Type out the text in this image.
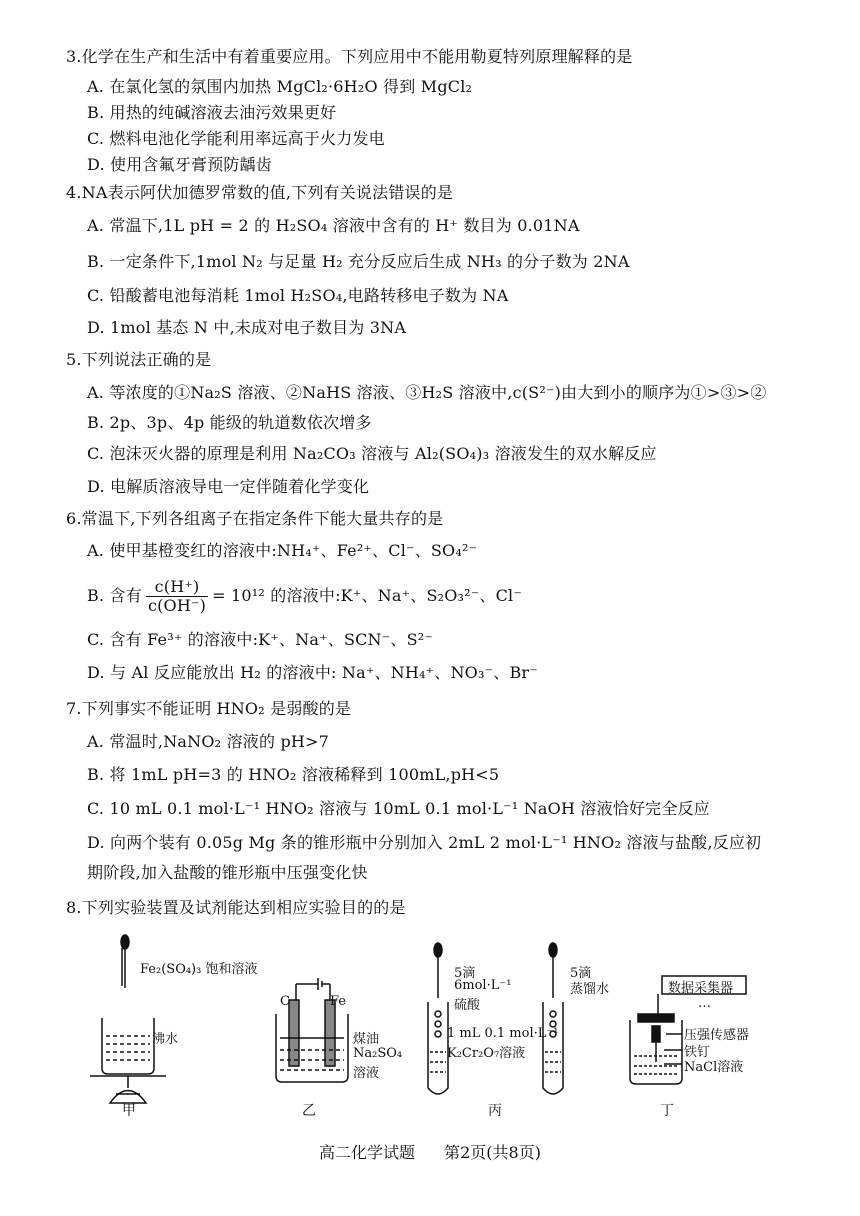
3.化学在生产和生活中有着重要应用。下列应用中不能用勒夏特列原理解释的是
A. 在氯化氢的氛围内加热 MgCl₂·6H₂O 得到 MgCl₂
B. 用热的纯碱溶液去油污效果更好
C. 燃料电池化学能利用率远高于火力发电
D. 使用含氟牙膏预防龋齿
4.NA表示阿伏加德罗常数的值,下列有关说法错误的是
A. 常温下,1L pH = 2 的 H₂SO₄ 溶液中含有的 H⁺ 数目为 0.01NA
B. 一定条件下,1mol N₂ 与足量 H₂ 充分反应后生成 NH₃ 的分子数为 2NA
C. 铅酸蓄电池每消耗 1mol H₂SO₄,电路转移电子数为 NA
D. 1mol 基态 N 中,未成对电子数目为 3NA
5.下列说法正确的是
A. 等浓度的①Na₂S 溶液、②NaHS 溶液、③H₂S 溶液中,c(S²⁻)由大到小的顺序为①>③>②
B. 2p、3p、4p 能级的轨道数依次增多
C. 泡沫灭火器的原理是利用 Na₂CO₃ 溶液与 Al₂(SO₄)₃ 溶液发生的双水解反应
D. 电解质溶液导电一定伴随着化学变化
6.常温下,下列各组离子在指定条件下能大量共存的是
A. 使甲基橙变红的溶液中:NH₄⁺、Fe²⁺、Cl⁻、SO₄²⁻
B. 含有 $\frac{c(H^+)}{c(OH^-)} = 10^{12}$ 的溶液中:K⁺、Na⁺、S₂O₃²⁻、Cl⁻
C. 含有 Fe³⁺ 的溶液中:K⁺、Na⁺、SCN⁻、S²⁻
D. 与 Al 反应能放出 H₂ 的溶液中: Na⁺、NH₄⁺、NO₃⁻、Br⁻
7.下列事实不能证明 HNO₂ 是弱酸的是
A. 常温时,NaNO₂ 溶液的 pH>7
B. 将 1mL pH=3 的 HNO₂ 溶液稀释到 100mL,pH<5
C. 10 mL 0.1 mol·L⁻¹ HNO₂ 溶液与 10mL 0.1 mol·L⁻¹ NaOH 溶液恰好完全反应
D. 向两个装有 0.05g Mg 条的锥形瓶中分别加入 2mL 2 mol·L⁻¹ HNO₂ 溶液与盐酸,反应初
期阶段,加入盐酸的锥形瓶中压强变化快
8.下列实验装置及试剂能达到相应实验目的的是
Fe₂(SO₄)₃ 饱和溶液
沸水
甲
C	Fe
煤油
Na₂SO₄
溶液
乙
5滴
6mol·L⁻¹
硫酸
5滴
蒸馏水
1 mL 0.1 mol·L⁻¹
K₂Cr₂O₇溶液
丙
数据采集器
…
压强传感器
铁钉
NaCl溶液
丁
高二化学试题 第2页(共8页)
